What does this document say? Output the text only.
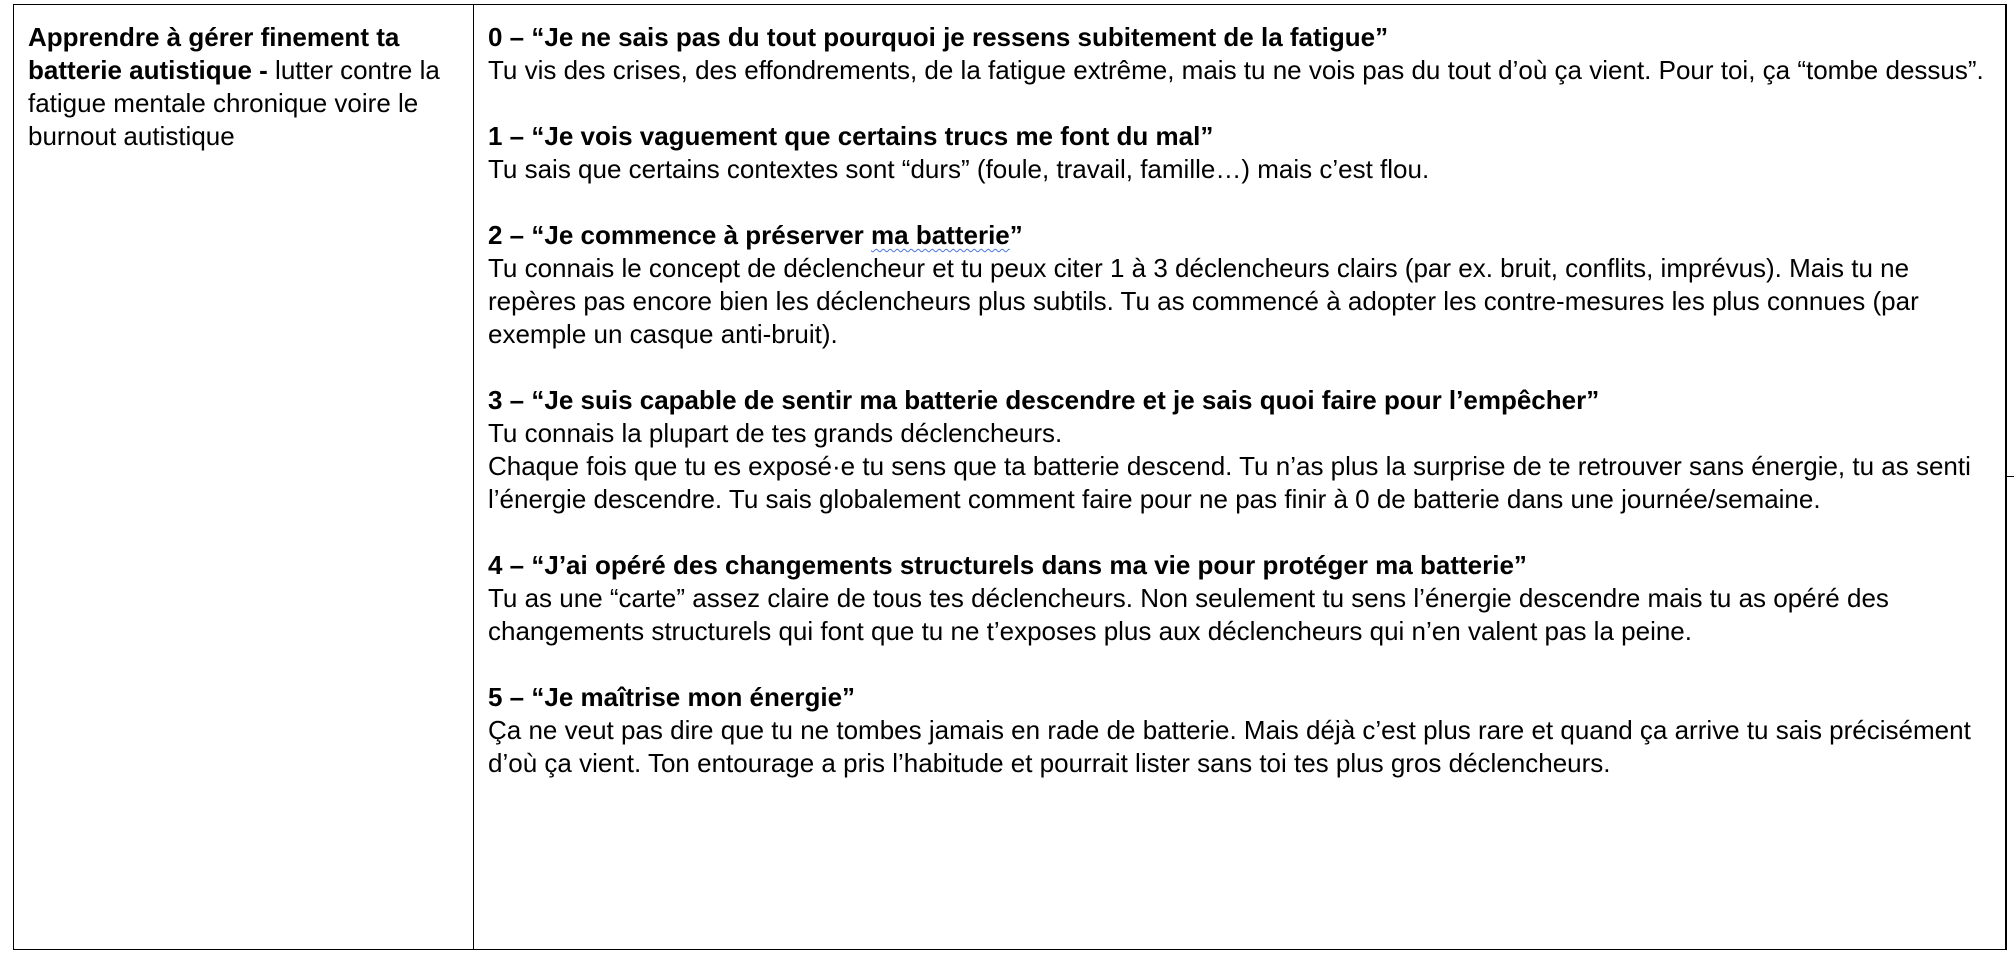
Apprendre à gérer finement ta batterie autistique - lutter contre la fatigue mentale chronique voire le burnout autistique
0 – “Je ne sais pas du tout pourquoi je ressens subitement de la fatigue”
Tu vis des crises, des effondrements, de la fatigue extrême, mais tu ne vois pas du tout d’où ça vient. Pour toi, ça “tombe dessus”.
1 – “Je vois vaguement que certains trucs me font du mal”
Tu sais que certains contextes sont “durs” (foule, travail, famille…) mais c’est flou.
2 – “Je commence à préserver ma batterie”
Tu connais le concept de déclencheur et tu peux citer 1 à 3 déclencheurs clairs (par ex. bruit, conflits, imprévus). Mais tu ne repères pas encore bien les déclencheurs plus subtils. Tu as commencé à adopter les contre-mesures les plus connues (par exemple un casque anti-bruit).
3 – “Je suis capable de sentir ma batterie descendre et je sais quoi faire pour l’empêcher”
Tu connais la plupart de tes grands déclencheurs.
Chaque fois que tu es exposé·e tu sens que ta batterie descend. Tu n’as plus la surprise de te retrouver sans énergie, tu as senti l’énergie descendre. Tu sais globalement comment faire pour ne pas finir à 0 de batterie dans une journée/semaine.
4 – “J’ai opéré des changements structurels dans ma vie pour protéger ma batterie”
Tu as une “carte” assez claire de tous tes déclencheurs. Non seulement tu sens l’énergie descendre mais tu as opéré des changements structurels qui font que tu ne t’exposes plus aux déclencheurs qui n’en valent pas la peine.
5 – “Je maîtrise mon énergie”
Ça ne veut pas dire que tu ne tombes jamais en rade de batterie. Mais déjà c’est plus rare et quand ça arrive tu sais précisément d’où ça vient. Ton entourage a pris l’habitude et pourrait lister sans toi tes plus gros déclencheurs.
